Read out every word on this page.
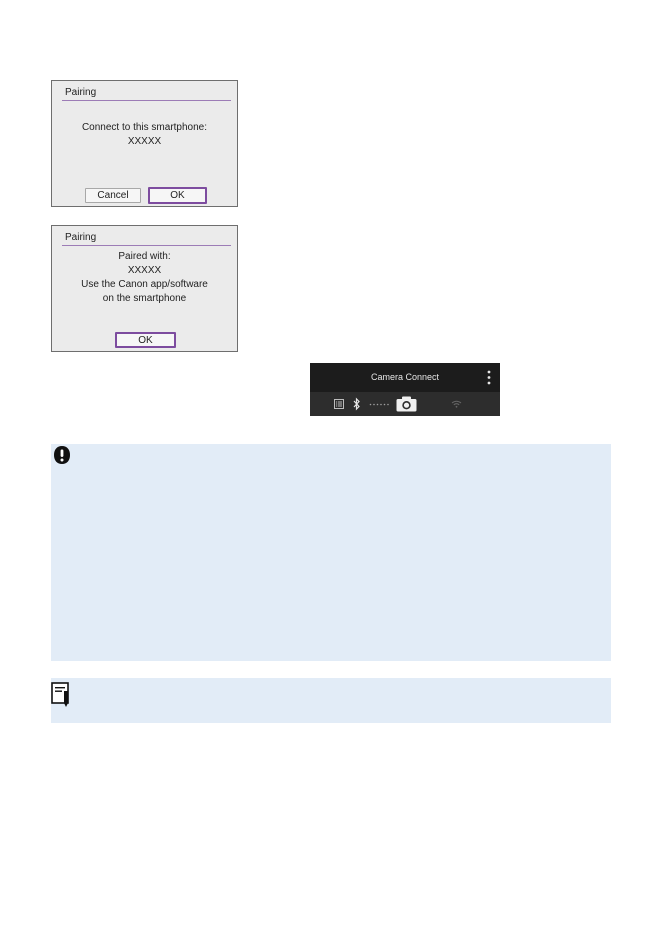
Pairing
Connect to this smartphone:
XXXXX
Cancel	OK
Pairing
Paired with:
XXXXX
Use the Canon app/software
on the smartphone
OK
Camera Connect
